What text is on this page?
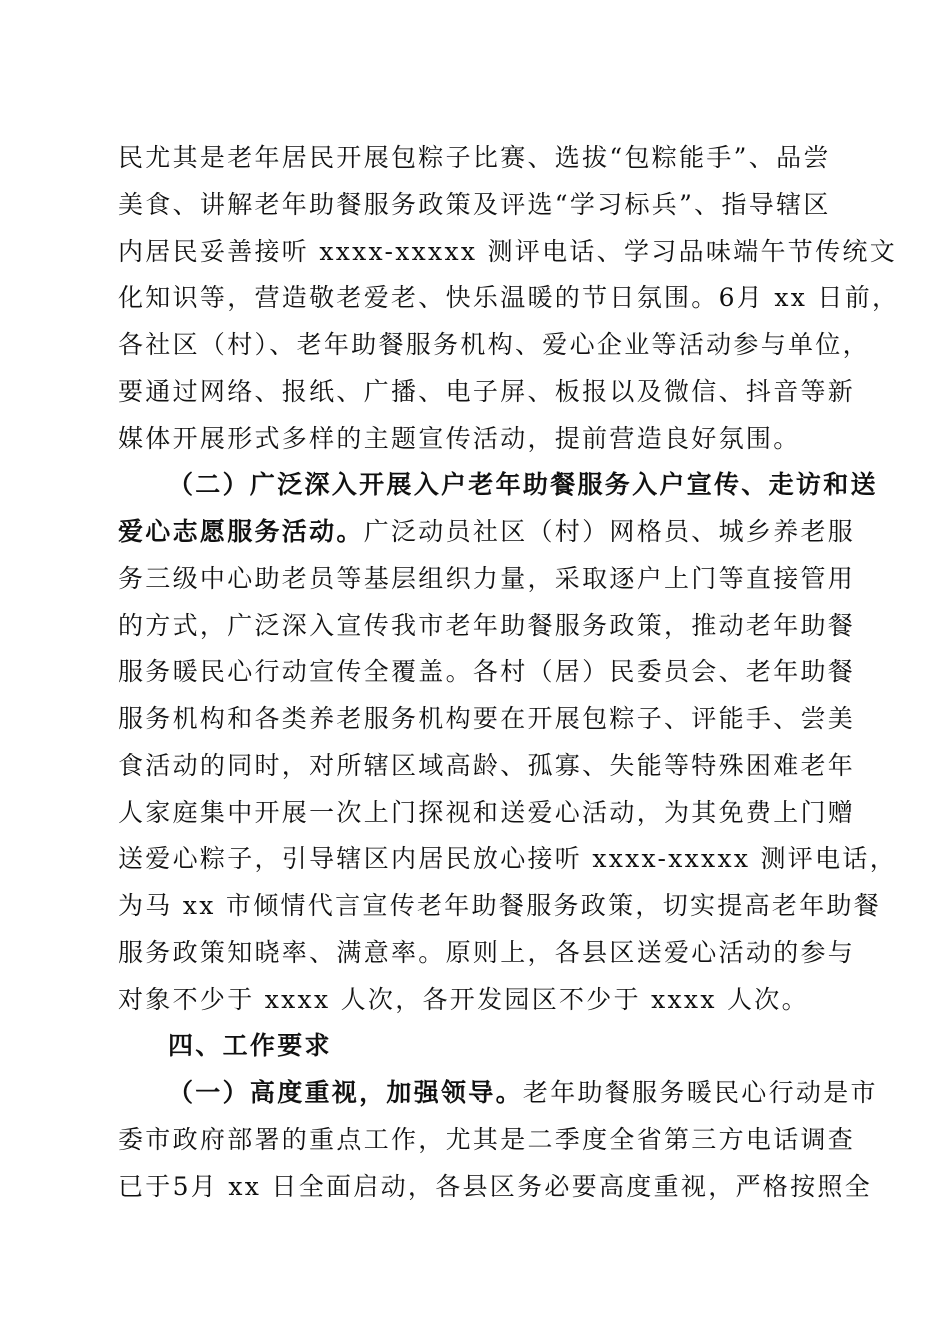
民尤其是老年居民开展包粽子比赛、选拔“包粽能手”、品尝
美食、讲解老年助餐服务政策及评选“学习标兵”、指导辖区
内居民妥善接听 xxxx-xxxxx 测评电话、学习品味端午节传统文
化知识等，营造敬老爱老、快乐温暖的节日氛围。6月 xx 日前，
各社区（村）、老年助餐服务机构、爱心企业等活动参与单位，
要通过网络、报纸、广播、电子屏、板报以及微信、抖音等新
媒体开展形式多样的主题宣传活动，提前营造良好氛围。
（二）广泛深入开展入户老年助餐服务入户宣传、走访和送
爱心志愿服务活动。广泛动员社区（村）网格员、城乡养老服
务三级中心助老员等基层组织力量，采取逐户上门等直接管用
的方式，广泛深入宣传我市老年助餐服务政策，推动老年助餐
服务暖民心行动宣传全覆盖。各村（居）民委员会、老年助餐
服务机构和各类养老服务机构要在开展包粽子、评能手、尝美
食活动的同时，对所辖区域高龄、孤寡、失能等特殊困难老年
人家庭集中开展一次上门探视和送爱心活动，为其免费上门赠
送爱心粽子，引导辖区内居民放心接听 xxxx-xxxxx 测评电话，
为马 xx 市倾情代言宣传老年助餐服务政策，切实提高老年助餐
服务政策知晓率、满意率。原则上，各县区送爱心活动的参与
对象不少于 xxxx 人次，各开发园区不少于 xxxx 人次。
四、工作要求
（一）高度重视，加强领导。老年助餐服务暖民心行动是市
委市政府部署的重点工作，尤其是二季度全省第三方电话调查
已于5月 xx 日全面启动，各县区务必要高度重视，严格按照全
